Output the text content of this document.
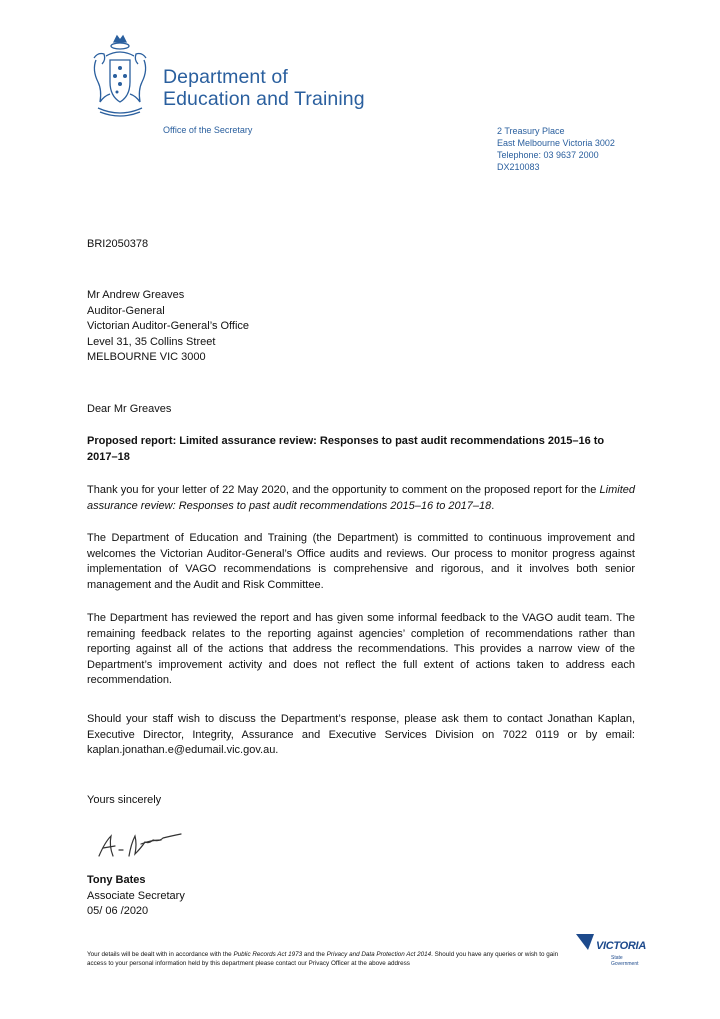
Department of
Education and Training
Office of the Secretary	2 Treasury Place
East Melbourne Victoria 3002
Telephone: 03 9637 2000
DX210083
BRI2050378
Mr Andrew Greaves
Auditor-General
Victorian Auditor-General’s Office
Level 31, 35 Collins Street
MELBOURNE VIC 3000
Dear Mr Greaves
Proposed report: Limited assurance review: Responses to past audit recommendations 2015–16 to 2017–18
Thank you for your letter of 22 May 2020, and the opportunity to comment on the proposed report for the Limited assurance review: Responses to past audit recommendations 2015–16 to 2017–18.
The Department of Education and Training (the Department) is committed to continuous improvement and welcomes the Victorian Auditor-General’s Office audits and reviews. Our process to monitor progress against implementation of VAGO recommendations is comprehensive and rigorous, and it involves both senior management and the Audit and Risk Committee.
The Department has reviewed the report and has given some informal feedback to the VAGO audit team. The remaining feedback relates to the reporting against agencies’ completion of recommendations rather than reporting against all of the actions that address the recommendations. This provides a narrow view of the Department’s improvement activity and does not reflect the full extent of actions taken to address each recommendation.
Should your staff wish to discuss the Department’s response, please ask them to contact Jonathan Kaplan, Executive Director, Integrity, Assurance and Executive Services Division on 7022 0119 or by email: kaplan.jonathan.e@edumail.vic.gov.au.
Yours sincerely
Tony Bates
Associate Secretary
05/ 06 /2020
Your details will be dealt with in accordance with the Public Records Act 1973 and the Privacy and Data Protection Act 2014. Should you have any queries or wish to gain access to your personal information held by this department please contact our Privacy Officer at the above address
VICTORIA
State
Government
